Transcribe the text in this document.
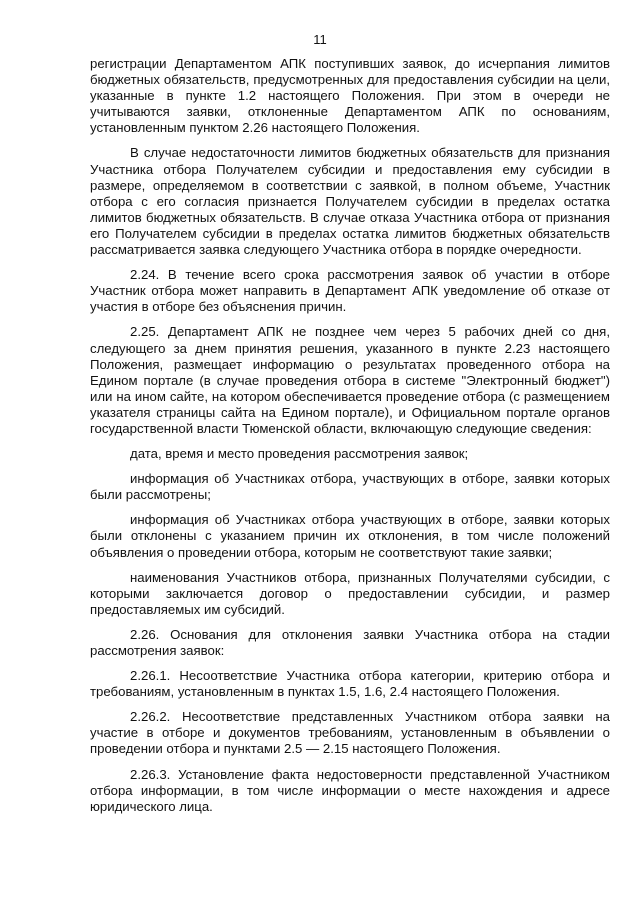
11

регистрации Департаментом АПК поступивших заявок, до исчерпания лимитов бюджетных обязательств, предусмотренных для предоставления субсидии на цели, указанные в пункте 1.2 настоящего Положения. При этом в очереди не учитываются заявки, отклоненные Департаментом АПК по основаниям, установленным пунктом 2.26 настоящего Положения.

В случае недостаточности лимитов бюджетных обязательств для признания Участника отбора Получателем субсидии и предоставления ему субсидии в размере, определяемом в соответствии с заявкой, в полном объеме, Участник отбора с его согласия признается Получателем субсидии в пределах остатка лимитов бюджетных обязательств. В случае отказа Участника отбора от признания его Получателем субсидии в пределах остатка лимитов бюджетных обязательств рассматривается заявка следующего Участника отбора в порядке очередности.

2.24. В течение всего срока рассмотрения заявок об участии в отборе Участник отбора может направить в Департамент АПК уведомление об отказе от участия в отборе без объяснения причин.

2.25. Департамент АПК не позднее чем через 5 рабочих дней со дня, следующего за днем принятия решения, указанного в пункте 2.23 настоящего Положения, размещает информацию о результатах проведенного отбора на Едином портале (в случае проведения отбора в системе "Электронный бюджет") или на ином сайте, на котором обеспечивается проведение отбора (с размещением указателя страницы сайта на Едином портале), и Официальном портале органов государственной власти Тюменской области, включающую следующие сведения:

дата, время и место проведения рассмотрения заявок;

информация об Участниках отбора, участвующих в отборе, заявки которых были рассмотрены;

информация об Участниках отбора участвующих в отборе, заявки которых были отклонены с указанием причин их отклонения, в том числе положений объявления о проведении отбора, которым не соответствуют такие заявки;

наименования Участников отбора, признанных Получателями субсидии, с которыми заключается договор о предоставлении субсидии, и размер предоставляемых им субсидий.

2.26. Основания для отклонения заявки Участника отбора на стадии рассмотрения заявок:

2.26.1. Несоответствие Участника отбора категории, критерию отбора и требованиям, установленным в пунктах 1.5, 1.6, 2.4 настоящего Положения.

2.26.2. Несоответствие представленных Участником отбора заявки на участие в отборе и документов требованиям, установленным в объявлении о проведении отбора и пунктами 2.5 — 2.15 настоящего Положения.

2.26.3. Установление факта недостоверности представленной Участником отбора информации, в том числе информации о месте нахождения и адресе юридического лица.
